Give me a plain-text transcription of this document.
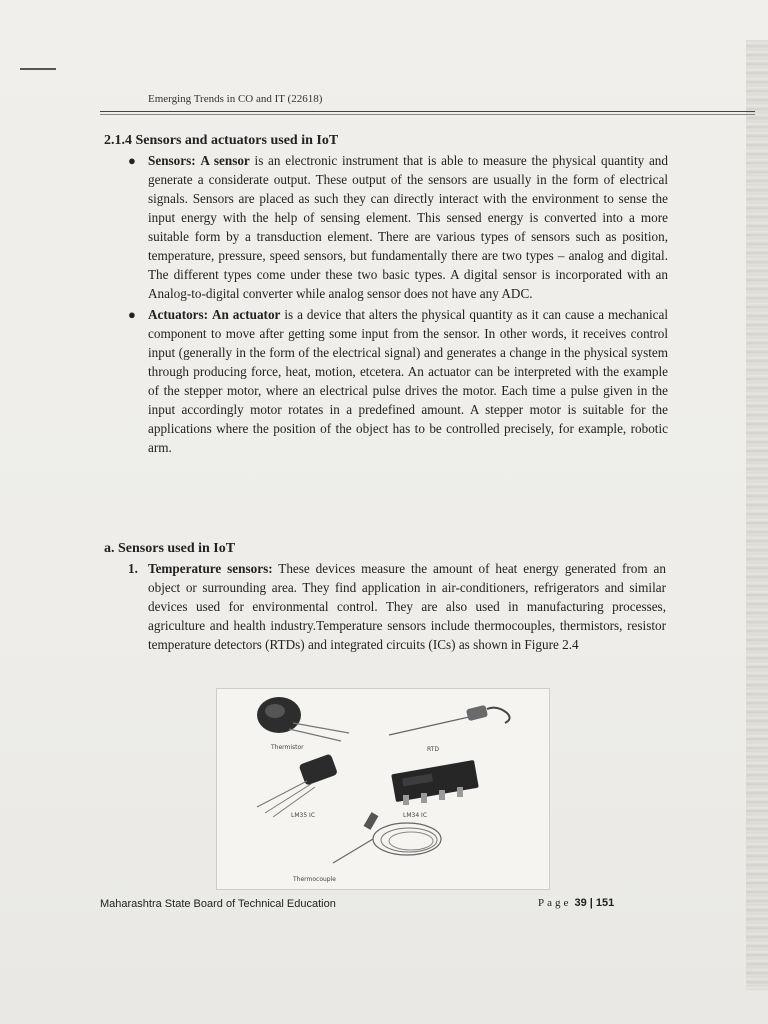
Emerging Trends in CO and IT (22618)
2.1.4 Sensors and actuators used in IoT
● Sensors: A sensor is an electronic instrument that is able to measure the physical quantity and generate a considerate output. These output of the sensors are usually in the form of electrical signals. Sensors are placed as such they can directly interact with the environment to sense the input energy with the help of sensing element. This sensed energy is converted into a more suitable form by a transduction element. There are various types of sensors such as position, temperature, pressure, speed sensors, but fundamentally there are two types – analog and digital. The different types come under these two basic types. A digital sensor is incorporated with an Analog-to-digital converter while analog sensor does not have any ADC.
● Actuators: An actuator is a device that alters the physical quantity as it can cause a mechanical component to move after getting some input from the sensor. In other words, it receives control input (generally in the form of the electrical signal) and generates a change in the physical system through producing force, heat, motion, etcetera. An actuator can be interpreted with the example of the stepper motor, where an electrical pulse drives the motor. Each time a pulse given in the input accordingly motor rotates in a predefined amount. A stepper motor is suitable for the applications where the position of the object has to be controlled precisely, for example, robotic arm.
a. Sensors used in IoT
1. Temperature sensors: These devices measure the amount of heat energy generated from an object or surrounding area. They find application in air-conditioners, refrigerators and similar devices used for environmental control. They are also used in manufacturing processes, agriculture and health industry.Temperature sensors include thermocouples, thermistors, resistor temperature detectors (RTDs) and integrated circuits (ICs) as shown in Figure 2.4
Thermistor	RTD
LM35 IC	LM34 IC
Thermocouple
Maharashtra State Board of Technical Education	Page 39 | 151
